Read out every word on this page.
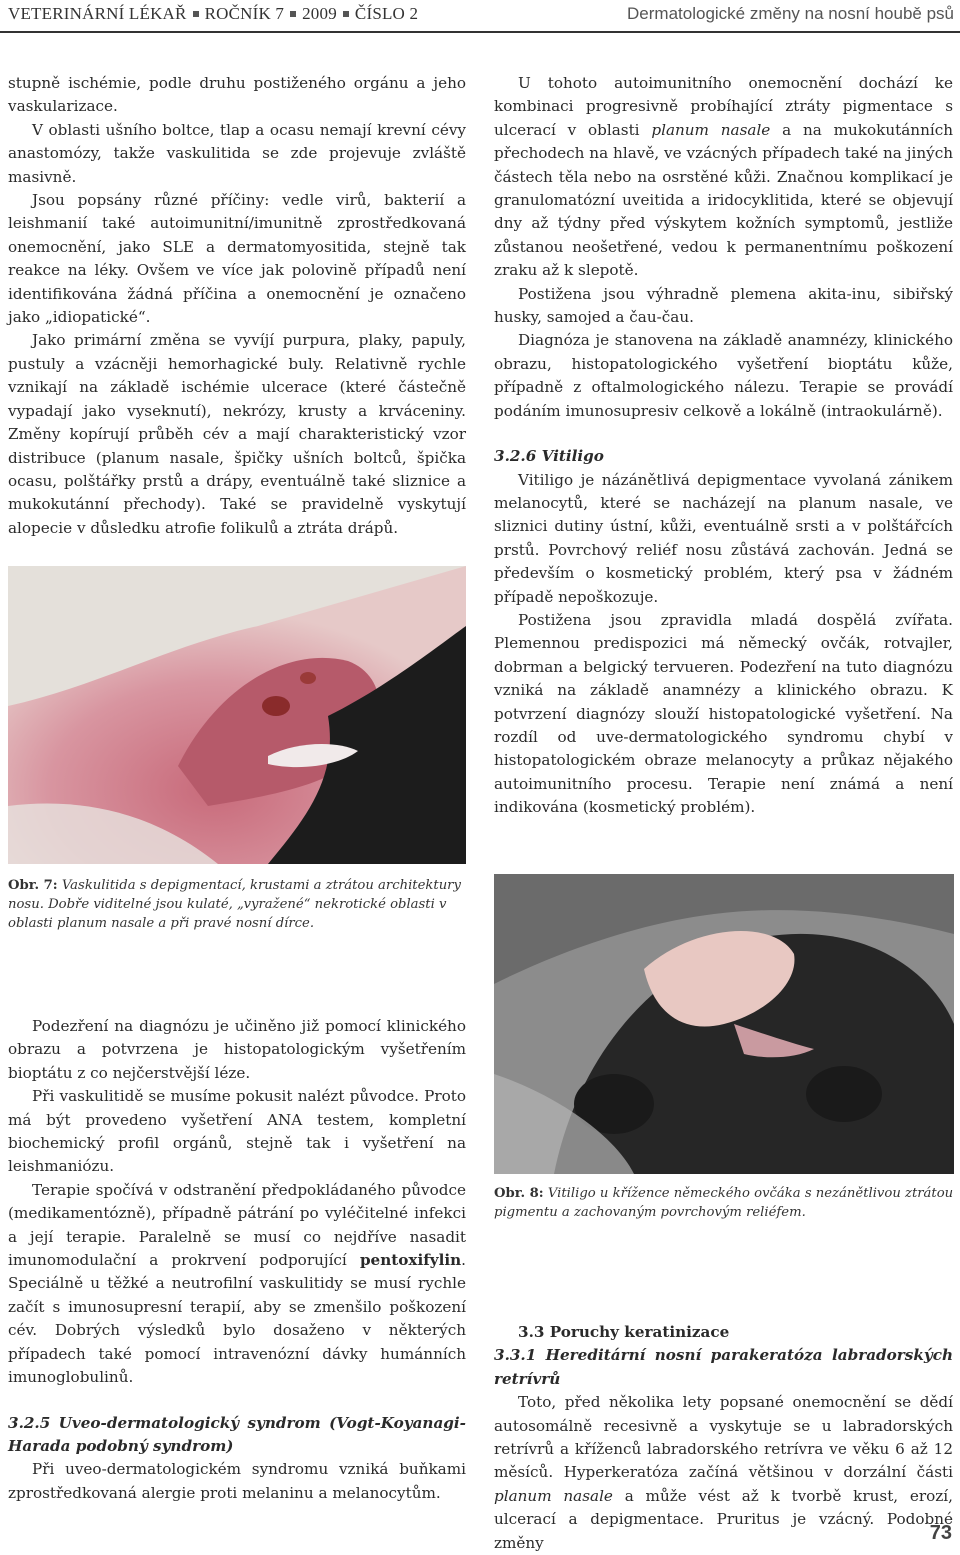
VETERINÁRNÍ LÉKAŘ ROČNÍK 7 2009 ČÍSLO 2	Dermatologické změny na nosní houbě psů

stupně ischémie, podle druhu postiženého orgánu a jeho vaskularizace.

V oblasti ušního boltce, tlap a ocasu nemají krevní cévy anastomózy, takže vaskulitida se zde projevuje zvláště masivně.

Jsou popsány různé příčiny: vedle virů, bakterií a leishmanií také autoimunitní/imunitně zprostředkovaná onemocnění, jako SLE a dermatomyositida, stejně tak reakce na léky. Ovšem ve více jak polovině případů není identifikována žádná příčina a onemocnění je označeno jako „idiopatické“.

Jako primární změna se vyvíjí purpura, plaky, papuly, pustuly a vzácněji hemorhagické buly. Relativně rychle vznikají na základě ischémie ulcerace (které částečně vypadají jako vyseknutí), nekrózy, krusty a krváceniny. Změny kopírují průběh cév a mají charakteristický vzor distribuce (planum nasale, špičky ušních boltců, špička ocasu, polštářky prstů a drápy, eventuálně také sliznice a mukokutánní přechody). Také se pravidelně vyskytují alopecie v důsledku atrofie folikulů a ztráta drápů.

Obr. 7: Vaskulitida s depigmentací, krustami a ztrátou architektury nosu. Dobře viditelné jsou kulaté, „vyražené“ nekrotické oblasti v oblasti planum nasale a při pravé nosní dírce.

Podezření na diagnózu je učiněno již pomocí klinického obrazu a potvrzena je histopatologickým vyšetřením bioptátu z co nejčerstvější léze.

Při vaskulitidě se musíme pokusit nalézt původce. Proto má být provedeno vyšetření ANA testem, kompletní biochemický profil orgánů, stejně tak i vyšetření na leishmaniózu.

Terapie spočívá v odstranění předpokládaného původce (medikamentózně), případně pátrání po vyléčitelné infekci a její terapie. Paralelně se musí co nejdříve nasadit imunomodulační a prokrvení podporující pentoxifylin. Speciálně u těžké a neutrofilní vaskulitidy se musí rychle začít s imunosupresní terapií, aby se zmenšilo poškození cév. Dobrých výsledků bylo dosaženo v některých případech také pomocí intravenózní dávky humánních imunoglobulinů.

3.2.5 Uveo-dermatologický syndrom (Vogt-Koyanagi-Harada podobný syndrom)

Při uveo-dermatologickém syndromu vzniká buňkami zprostředkovaná alergie proti melaninu a melanocytům.

U tohoto autoimunitního onemocnění dochází ke kombinaci progresivně probíhající ztráty pigmentace s ulcerací v oblasti planum nasale a na mukokutánních přechodech na hlavě, ve vzácných případech také na jiných částech těla nebo na osrstěné kůži. Značnou komplikací je granulomatózní uveitida a iridocyklitida, které se objevují dny až týdny před výskytem kožních symptomů, jestliže zůstanou neošetřené, vedou k permanentnímu poškození zraku až k slepotě.

Postižena jsou výhradně plemena akita-inu, sibiřský husky, samojed a čau-čau.

Diagnóza je stanovena na základě anamnézy, klinického obrazu, histopatologického vyšetření bioptátu kůže, případně z oftalmologického nálezu. Terapie se provádí podáním imunosupresiv celkově a lokálně (intraokulárně).

3.2.6 Vitiligo

Vitiligo je názánětlivá depigmentace vyvolaná zánikem melanocytů, které se nacházejí na planum nasale, ve sliznici dutiny ústní, kůži, eventuálně srsti a v polštářcích prstů. Povrchový reliéf nosu zůstává zachován. Jedná se především o kosmetický problém, který psa v žádném případě nepoškozuje.

Postižena jsou zpravidla mladá dospělá zvířata. Plemennou predispozici má německý ovčák, rotvajler, dobrman a belgický tervueren. Podezření na tuto diagnózu vzniká na základě anamnézy a klinického obrazu. K potvrzení diagnózy slouží histopatologické vyšetření. Na rozdíl od uve-dermatologického syndromu chybí v histopatologickém obraze melanocyty a průkaz nějakého autoimunitního procesu. Terapie není známá a není indikována (kosmetický problém).

Obr. 8: Vitiligo u křížence německého ovčáka s nezánětlivou ztrátou pigmentu a zachovaným povrchovým reliéfem.

3.3 Poruchy keratinizace

3.3.1 Hereditární nosní parakeratóza labradorských retrívrů

Toto, před několika lety popsané onemocnění se dědí autosomálně recesivně a vyskytuje se u labradorských retrívrů a kříženců labradorského retrívra ve věku 6 až 12 měsíců. Hyperkeratóza začíná většinou v dorzální části planum nasale a může vést až k tvorbě krust, erozí, ulcerací a depigmentace. Pruritus je vzácný. Podobné změny	73
